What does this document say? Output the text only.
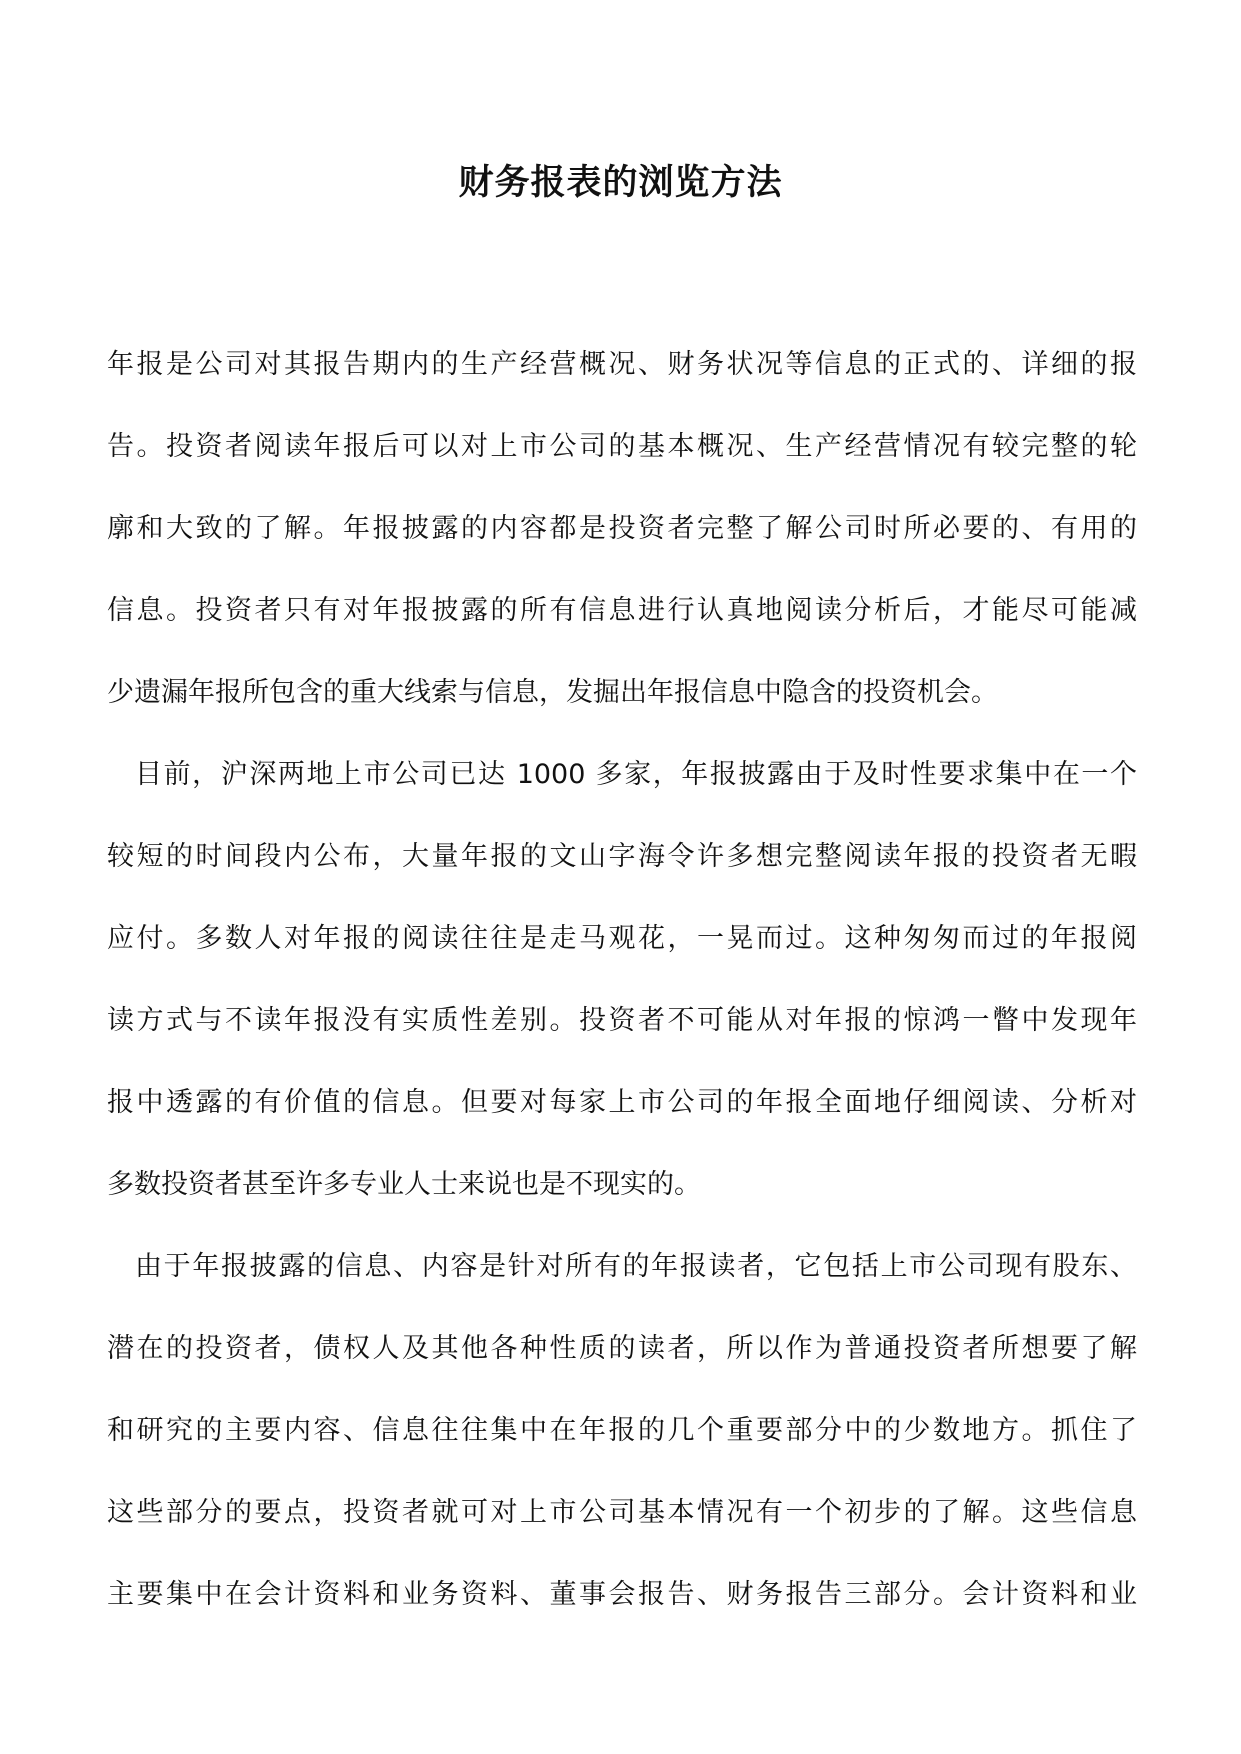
财务报表的浏览方法
年报是公司对其报告期内的生产经营概况、财务状况等信息的正式的、详细的报
告。投资者阅读年报后可以对上市公司的基本概况、生产经营情况有较完整的轮
廓和大致的了解。年报披露的内容都是投资者完整了解公司时所必要的、有用的
信息。投资者只有对年报披露的所有信息进行认真地阅读分析后，才能尽可能减
少遗漏年报所包含的重大线索与信息，发掘出年报信息中隐含的投资机会。
目前，沪深两地上市公司已达 1000 多家，年报披露由于及时性要求集中在一个
较短的时间段内公布，大量年报的文山字海令许多想完整阅读年报的投资者无暇
应付。多数人对年报的阅读往往是走马观花，一晃而过。这种匆匆而过的年报阅
读方式与不读年报没有实质性差别。投资者不可能从对年报的惊鸿一瞥中发现年
报中透露的有价值的信息。但要对每家上市公司的年报全面地仔细阅读、分析对
多数投资者甚至许多专业人士来说也是不现实的。
由于年报披露的信息、内容是针对所有的年报读者，它包括上市公司现有股东、
潜在的投资者，债权人及其他各种性质的读者，所以作为普通投资者所想要了解
和研究的主要内容、信息往往集中在年报的几个重要部分中的少数地方。抓住了
这些部分的要点，投资者就可对上市公司基本情况有一个初步的了解。这些信息
主要集中在会计资料和业务资料、董事会报告、财务报告三部分。会计资料和业
